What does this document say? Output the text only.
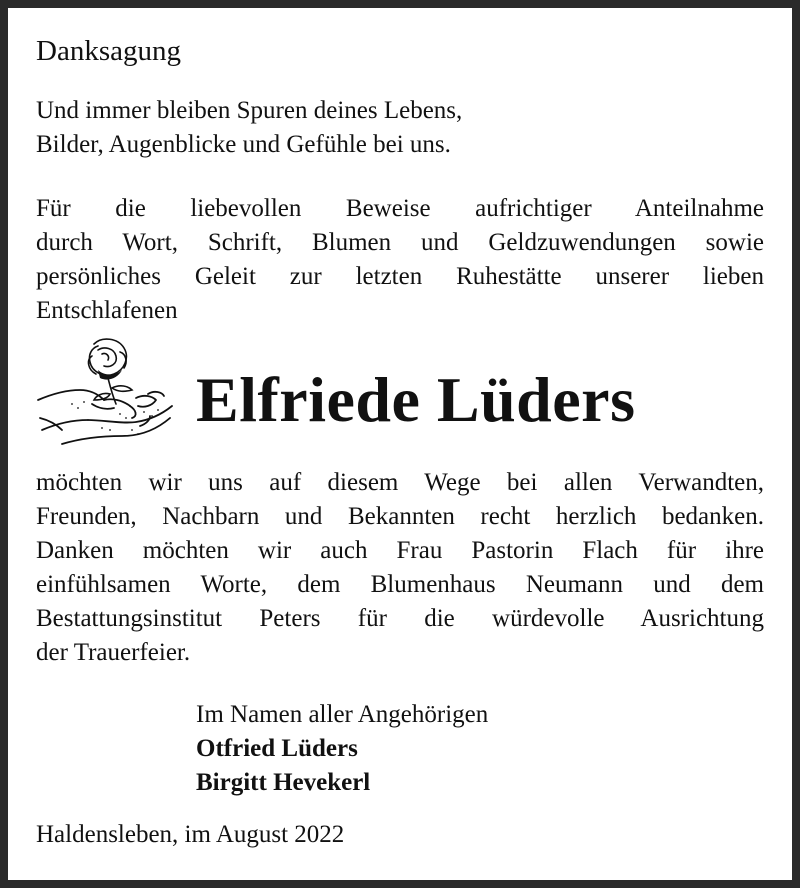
Danksagung
Und immer bleiben Spuren deines Lebens,
Bilder, Augenblicke und Gefühle bei uns.
Für die liebevollen Beweise aufrichtiger Anteilnahme
durch Wort, Schrift, Blumen und Geldzuwendungen sowie
persönliches Geleit zur letzten Ruhestätte unserer lieben
Entschlafenen
Elfriede Lüders
möchten wir uns auf diesem Wege bei allen Verwandten,
Freunden, Nachbarn und Bekannten recht herzlich bedanken.
Danken möchten wir auch Frau Pastorin Flach für ihre
einfühlsamen Worte, dem Blumenhaus Neumann und dem
Bestattungsinstitut Peters für die würdevolle Ausrichtung
der Trauerfeier.
Im Namen aller Angehörigen
Otfried Lüders
Birgitt Hevekerl
Haldensleben, im August 2022
